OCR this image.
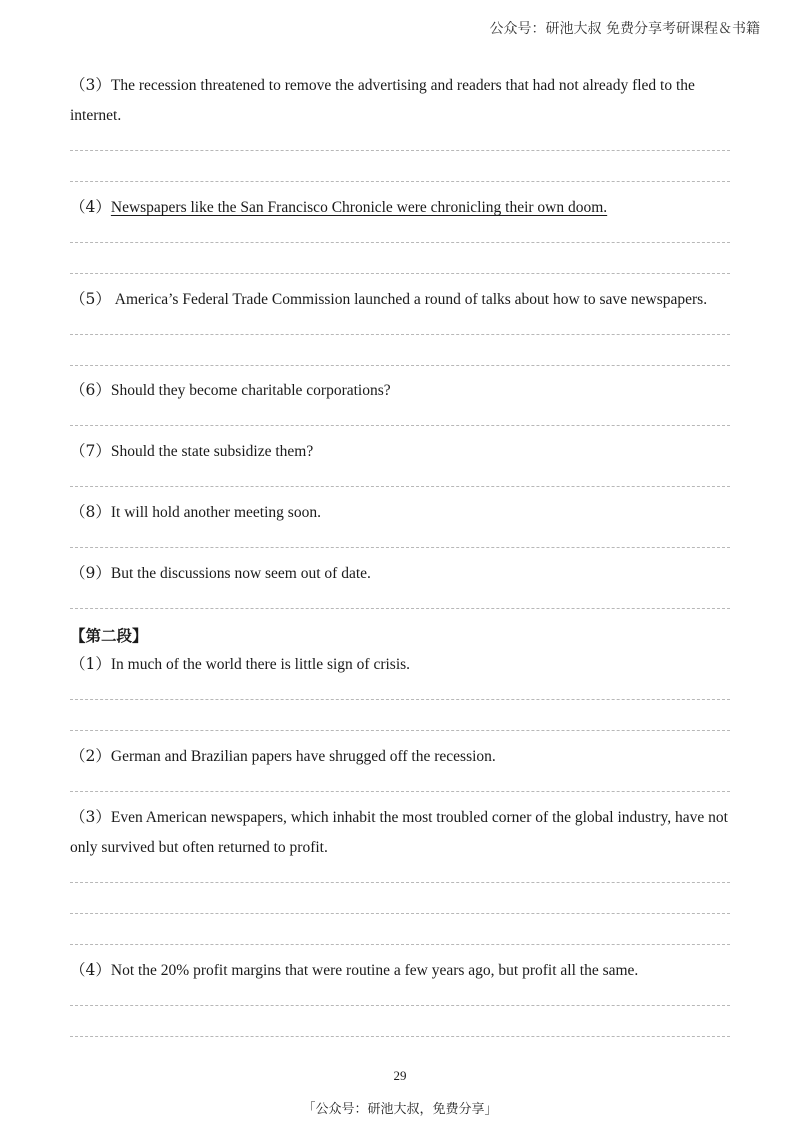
公众号：研池大叔 免费分享考研课程＆书籍
（3）The recession threatened to remove the advertising and readers that had not already fled to the internet.
（4）Newspapers like the San Francisco Chronicle were chronicling their own doom.
（5） America’s Federal Trade Commission launched a round of talks about how to save newspapers.
（6）Should they become charitable corporations?
（7）Should the state subsidize them?
（8）It will hold another meeting soon.
（9）But the discussions now seem out of date.
【第二段】
（1）In much of the world there is little sign of crisis.
（2）German and Brazilian papers have shrugged off the recession.
（3）Even American newspapers, which inhabit the most troubled corner of the global industry, have not only survived but often returned to profit.
（4）Not the 20% profit margins that were routine a few years ago, but profit all the same.
29
「公众号：研池大叔，免费分享」
